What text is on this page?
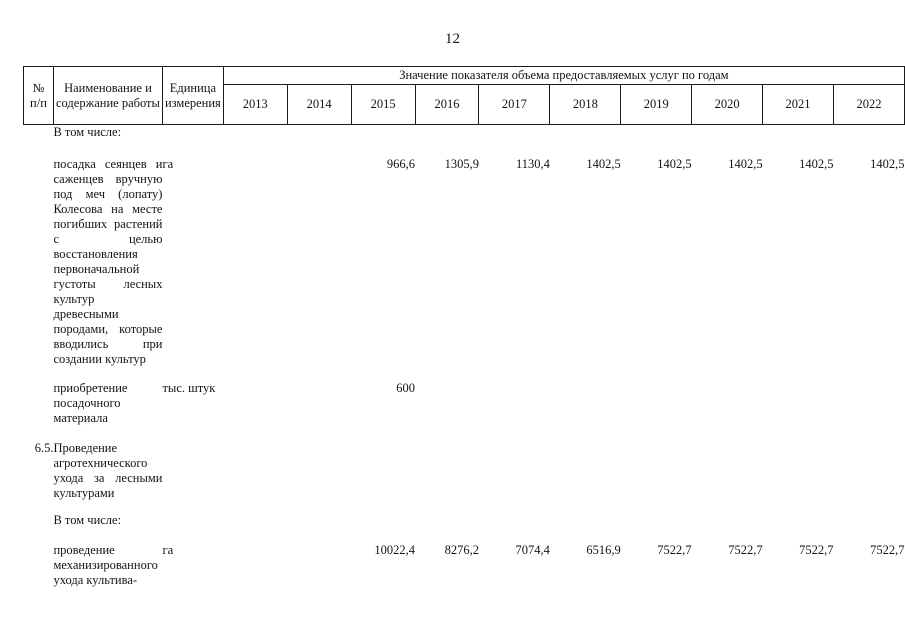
12
№ п/п	Наименование и содержание работы	Единица измерения	Значение показателя объема предоставляемых услуг по годам									
			2013	2014	2015	2016	2017	2018	2019	2020	2021	2022
	В том числе:											
	посадка сеянцев и саженцев вручную под меч (лопату) Колесова на месте погибших растений с целью восстановления первоначальной густоты лесных культур древесными породами, которые вводились при создании культур	га			966,6	1305,9	1130,4	1402,5	1402,5	1402,5	1402,5	1402,5

	приобретение посадочного материала	тыс. штук			600							

6.5.	Проведение агротехнического ухода за лесными культурами											

	В том числе:											
	проведение механизированного ухода культива-	га			10022,4	8276,2	7074,4	6516,9	7522,7	7522,7	7522,7	7522,7
